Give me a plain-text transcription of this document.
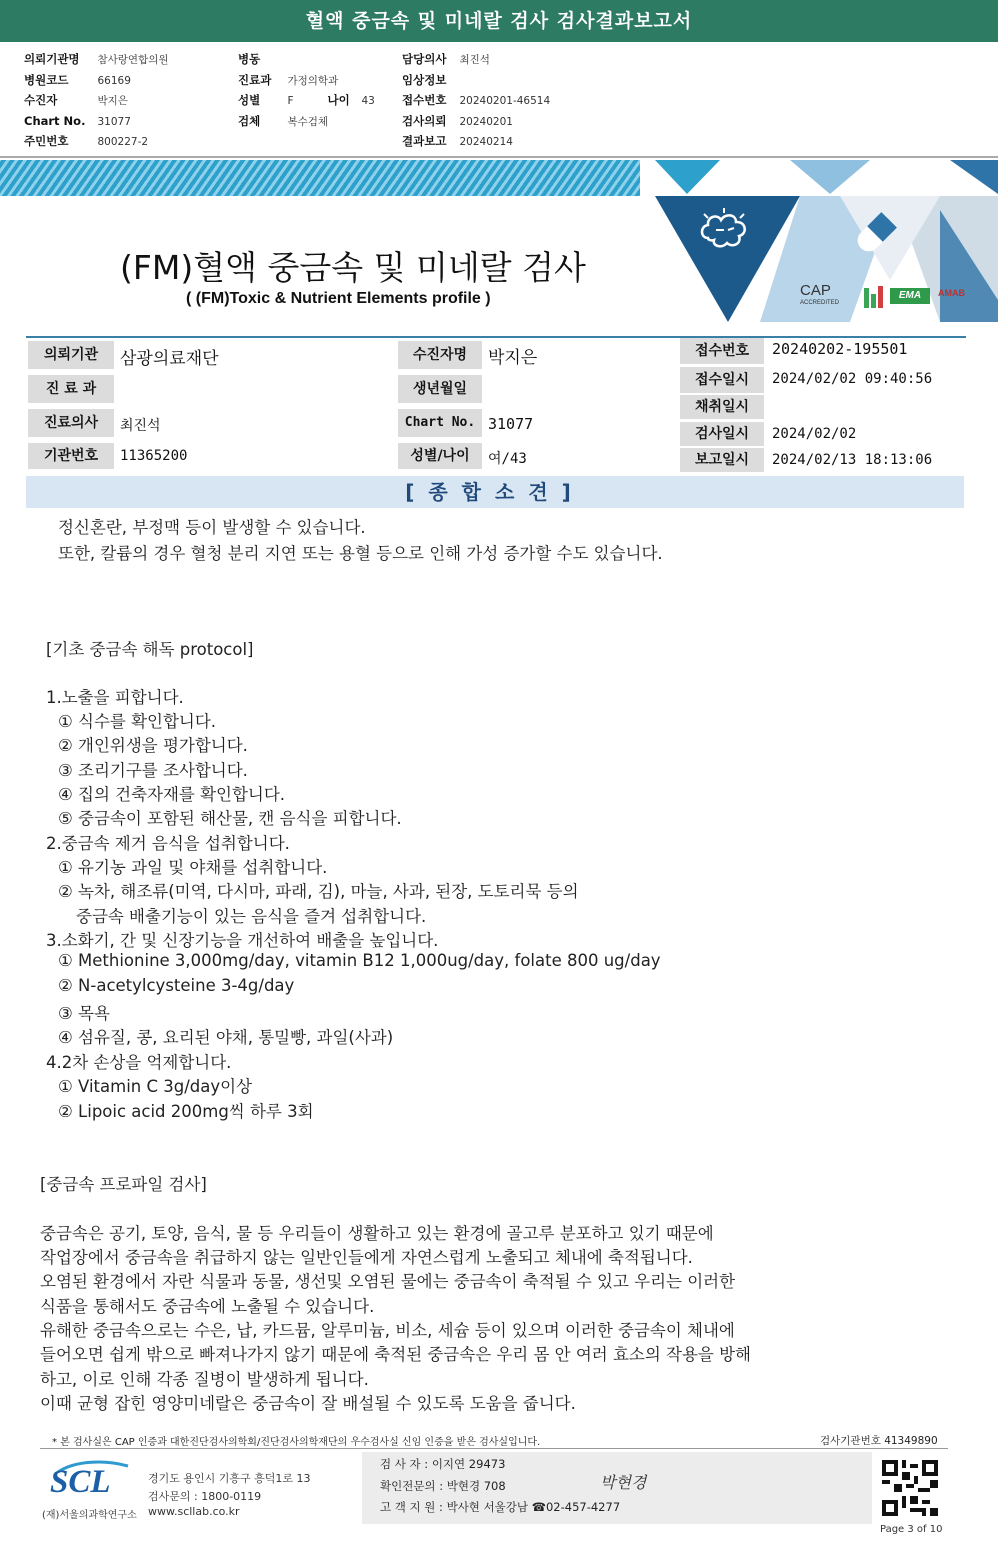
혈액 중금속 및 미네랄 검사 검사결과보고서
의뢰기관명 참사랑연합의원
병원코드	66169
수진자	박지은
Chart No. 31077
주민번호	800227-2
병동
진료과 가정의학과
성별	F	나이 43
검체	복수검체
담당의사 최진석
임상정보
접수번호 20240201-46514
검사의뢰 20240201
결과보고 20240214
CAP
ACCREDITED
EMA	AMAB
(FM)혈액 중금속 및 미네랄 검사
( (FM)Toxic & Nutrient Elements profile )
의뢰기관	삼광의료재단
진 료 과
진료의사	최진석
기관번호	11365200
수진자명	박지은
생년월일
Chart No. 31077
성별/나이	여/43
접수번호	20240202-195501
접수일시	2024/02/02 09:40:56
채취일시
검사일시	2024/02/02
보고일시	2024/02/13 18:13:06
[종합소견]
정신혼란, 부정맥 등이 발생할 수 있습니다.
또한, 칼륨의 경우 혈청 분리 지연 또는 용혈 등으로 인해 가성 증가할 수도 있습니다.
[기초 중금속 해독 protocol]
1.노출을 피합니다.
① 식수를 확인합니다.
② 개인위생을 평가합니다.
③ 조리기구를 조사합니다.
④ 집의 건축자재를 확인합니다.
⑤ 중금속이 포함된 해산물, 캔 음식을 피합니다.
2.중금속 제거 음식을 섭취합니다.
① 유기농 과일 및 야채를 섭취합니다.
② 녹차, 해조류(미역, 다시마, 파래, 김), 마늘, 사과, 된장, 도토리묵 등의
중금속 배출기능이 있는 음식을 즐겨 섭취합니다.
3.소화기, 간 및 신장기능을 개선하여 배출을 높입니다.
① Methionine 3,000mg/day, vitamin B12 1,000ug/day, folate 800 ug/day
② N-acetylcysteine 3-4g/day
③ 목욕
④ 섬유질, 콩, 요리된 야채, 통밀빵, 과일(사과)
4.2차 손상을 억제합니다.
① Vitamin C 3g/day이상
② Lipoic acid 200mg씩 하루 3회
[중금속 프로파일 검사]
중금속은 공기, 토양, 음식, 물 등 우리들이 생활하고 있는 환경에 골고루 분포하고 있기 때문에
작업장에서 중금속을 취급하지 않는 일반인들에게 자연스럽게 노출되고 체내에 축적됩니다.
오염된 환경에서 자란 식물과 동물, 생선및 오염된 물에는 중금속이 축적될 수 있고 우리는 이러한
식품을 통해서도 중금속에 노출될 수 있습니다.
유해한 중금속으로는 수은, 납, 카드뮴, 알루미늄, 비소, 세슘 등이 있으며 이러한 중금속이 체내에
들어오면 쉽게 밖으로 빠져나가지 않기 때문에 축적된 중금속은 우리 몸 안 여러 효소의 작용을 방해
하고, 이로 인해 각종 질병이 발생하게 됩니다.
이때 균형 잡힌 영양미네랄은 중금속이 잘 배설될 수 있도록 도움을 줍니다.
* 본 검사실은 CAP 인증과 대한진단검사의학회/진단검사의학재단의 우수검사실 신임 인증을 받은 검사실입니다.	검사기관번호 41349890
SCL
(재)서울의과학연구소
경기도 용인시 기흥구 흥덕1로 13
검사문의 : 1800-0119
www.scllab.co.kr
검 사 자 : 이지연 29473
확인전문의 : 박현경 708
고 객 지 원 : 박사현 서울강남 ☎02-457-4277
박현경
Page 3 of 10
